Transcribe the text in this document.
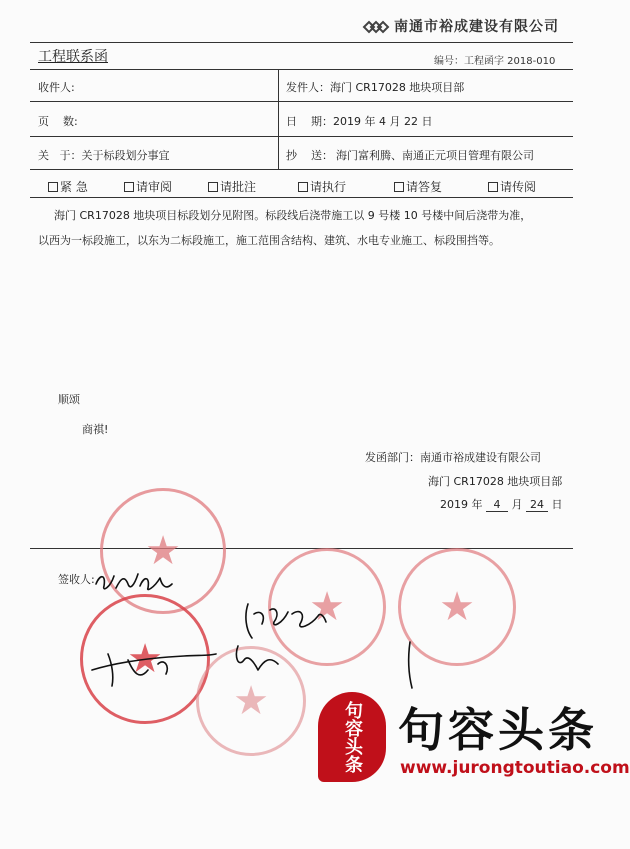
南通市裕成建设有限公司
工程联系函	编号：工程函字 2018-010
收件人:	发件人：海门 CR17028 地块项目部
页    数:	日    期：2019 年 4 月 22 日
关   于：关于标段划分事宜	抄    送： 海门富利腾、南通正元项目管理有限公司
紧 急	请审阅	请批注	请执行	请答复	请传阅
海门 CR17028 地块项目标段划分见附图。标段线后浇带施工以 9 号楼 10 号楼中间后浇带为准，
以西为一标段施工，以东为二标段施工，施工范围含结构、建筑、水电专业施工、标段围挡等。
顺颂
商祺!
发函部门：南通市裕成建设有限公司
海门 CR17028 地块项目部
2019 年 4 月 24 日
签收人:
★
★ ★
★
★	句容
头条 句容头条
www.jurongtoutiao.com
